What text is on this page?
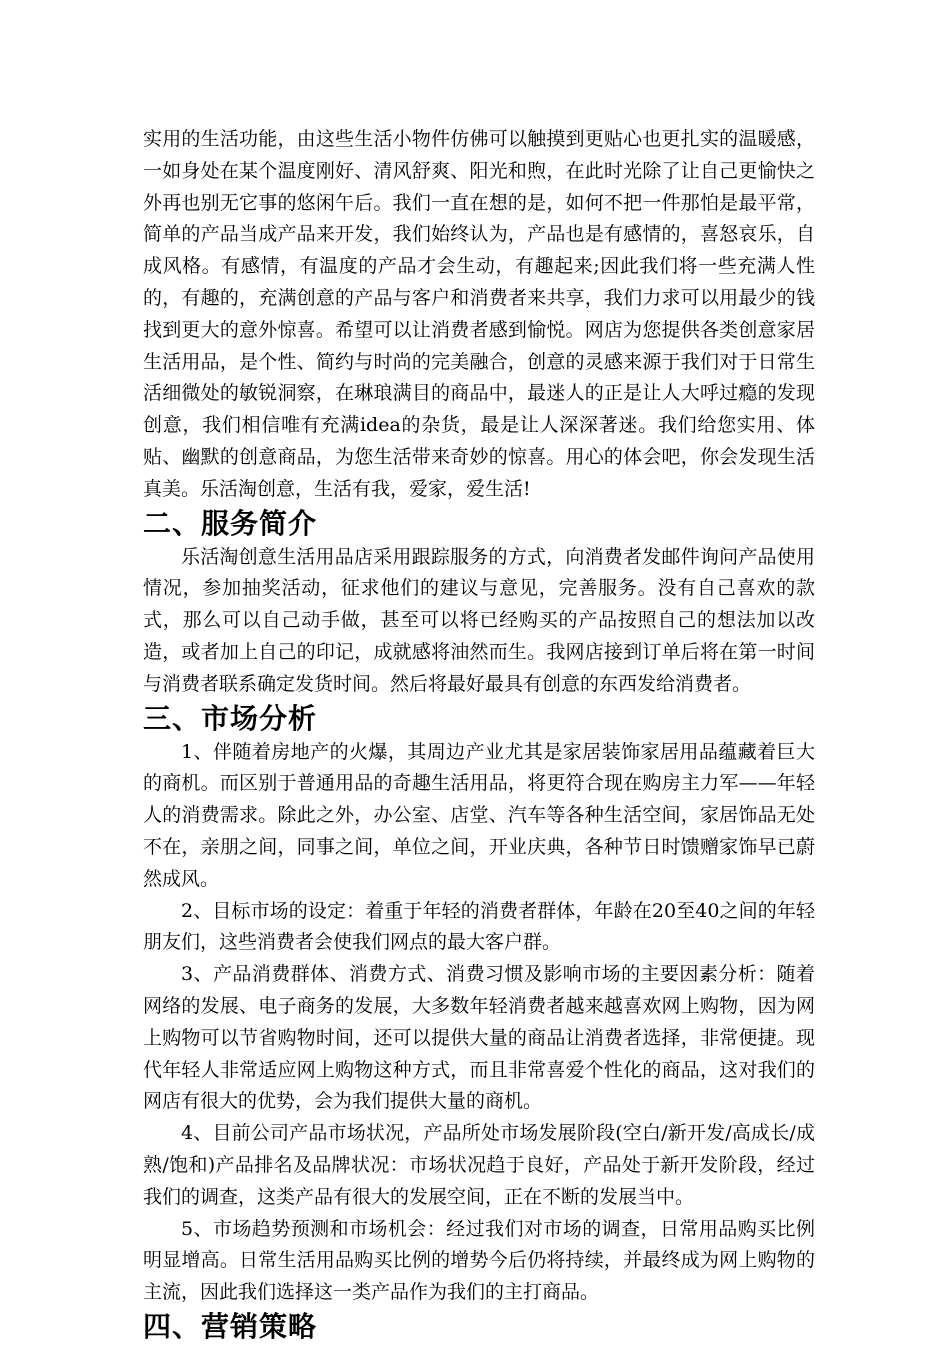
实用的生活功能，由这些生活小物件仿佛可以触摸到更贴心也更扎实的温暖感，一如身处在某个温度刚好、清风舒爽、阳光和煦，在此时光除了让自己更愉快之外再也别无它事的悠闲午后。我们一直在想的是，如何不把一件那怕是最平常，简单的产品当成产品来开发，我们始终认为，产品也是有感情的，喜怒哀乐，自成风格。有感情，有温度的产品才会生动，有趣起来;因此我们将一些充满人性的，有趣的，充满创意的产品与客户和消费者来共享，我们力求可以用最少的钱找到更大的意外惊喜。希望可以让消费者感到愉悦。网店为您提供各类创意家居生活用品，是个性、简约与时尚的完美融合，创意的灵感来源于我们对于日常生活细微处的敏锐洞察，在琳琅满目的商品中，最迷人的正是让人大呼过瘾的发现创意，我们相信唯有充满idea的杂货，最是让人深深著迷。我们给您实用、体贴、幽默的创意商品，为您生活带来奇妙的惊喜。用心的体会吧，你会发现生活真美。乐活淘创意，生活有我，爱家，爱生活!

二、服务简介

乐活淘创意生活用品店采用跟踪服务的方式，向消费者发邮件询问产品使用情况，参加抽奖活动，征求他们的建议与意见，完善服务。没有自己喜欢的款式，那么可以自己动手做，甚至可以将已经购买的产品按照自己的想法加以改造，或者加上自己的印记，成就感将油然而生。我网店接到订单后将在第一时间与消费者联系确定发货时间。然后将最好最具有创意的东西发给消费者。

三、市场分析

1、伴随着房地产的火爆，其周边产业尤其是家居装饰家居用品蕴藏着巨大的商机。而区别于普通用品的奇趣生活用品，将更符合现在购房主力军——年轻人的消费需求。除此之外，办公室、店堂、汽车等各种生活空间，家居饰品无处不在，亲朋之间，同事之间，单位之间，开业庆典，各种节日时馈赠家饰早已蔚然成风。

2、目标市场的设定：着重于年轻的消费者群体，年龄在20至40之间的年轻朋友们，这些消费者会使我们网点的最大客户群。

3、产品消费群体、消费方式、消费习惯及影响市场的主要因素分析：随着网络的发展、电子商务的发展，大多数年轻消费者越来越喜欢网上购物，因为网上购物可以节省购物时间，还可以提供大量的商品让消费者选择，非常便捷。现代年轻人非常适应网上购物这种方式，而且非常喜爱个性化的商品，这对我们的网店有很大的优势，会为我们提供大量的商机。

4、目前公司产品市场状况，产品所处市场发展阶段(空白/新开发/高成长/成熟/饱和)产品排名及品牌状况：市场状况趋于良好，产品处于新开发阶段，经过我们的调查，这类产品有很大的发展空间，正在不断的发展当中。

5、市场趋势预测和市场机会：经过我们对市场的调查，日常用品购买比例明显增高。日常生活用品购买比例的增势今后仍将持续，并最终成为网上购物的主流，因此我们选择这一类产品作为我们的主打商品。

四、营销策略
